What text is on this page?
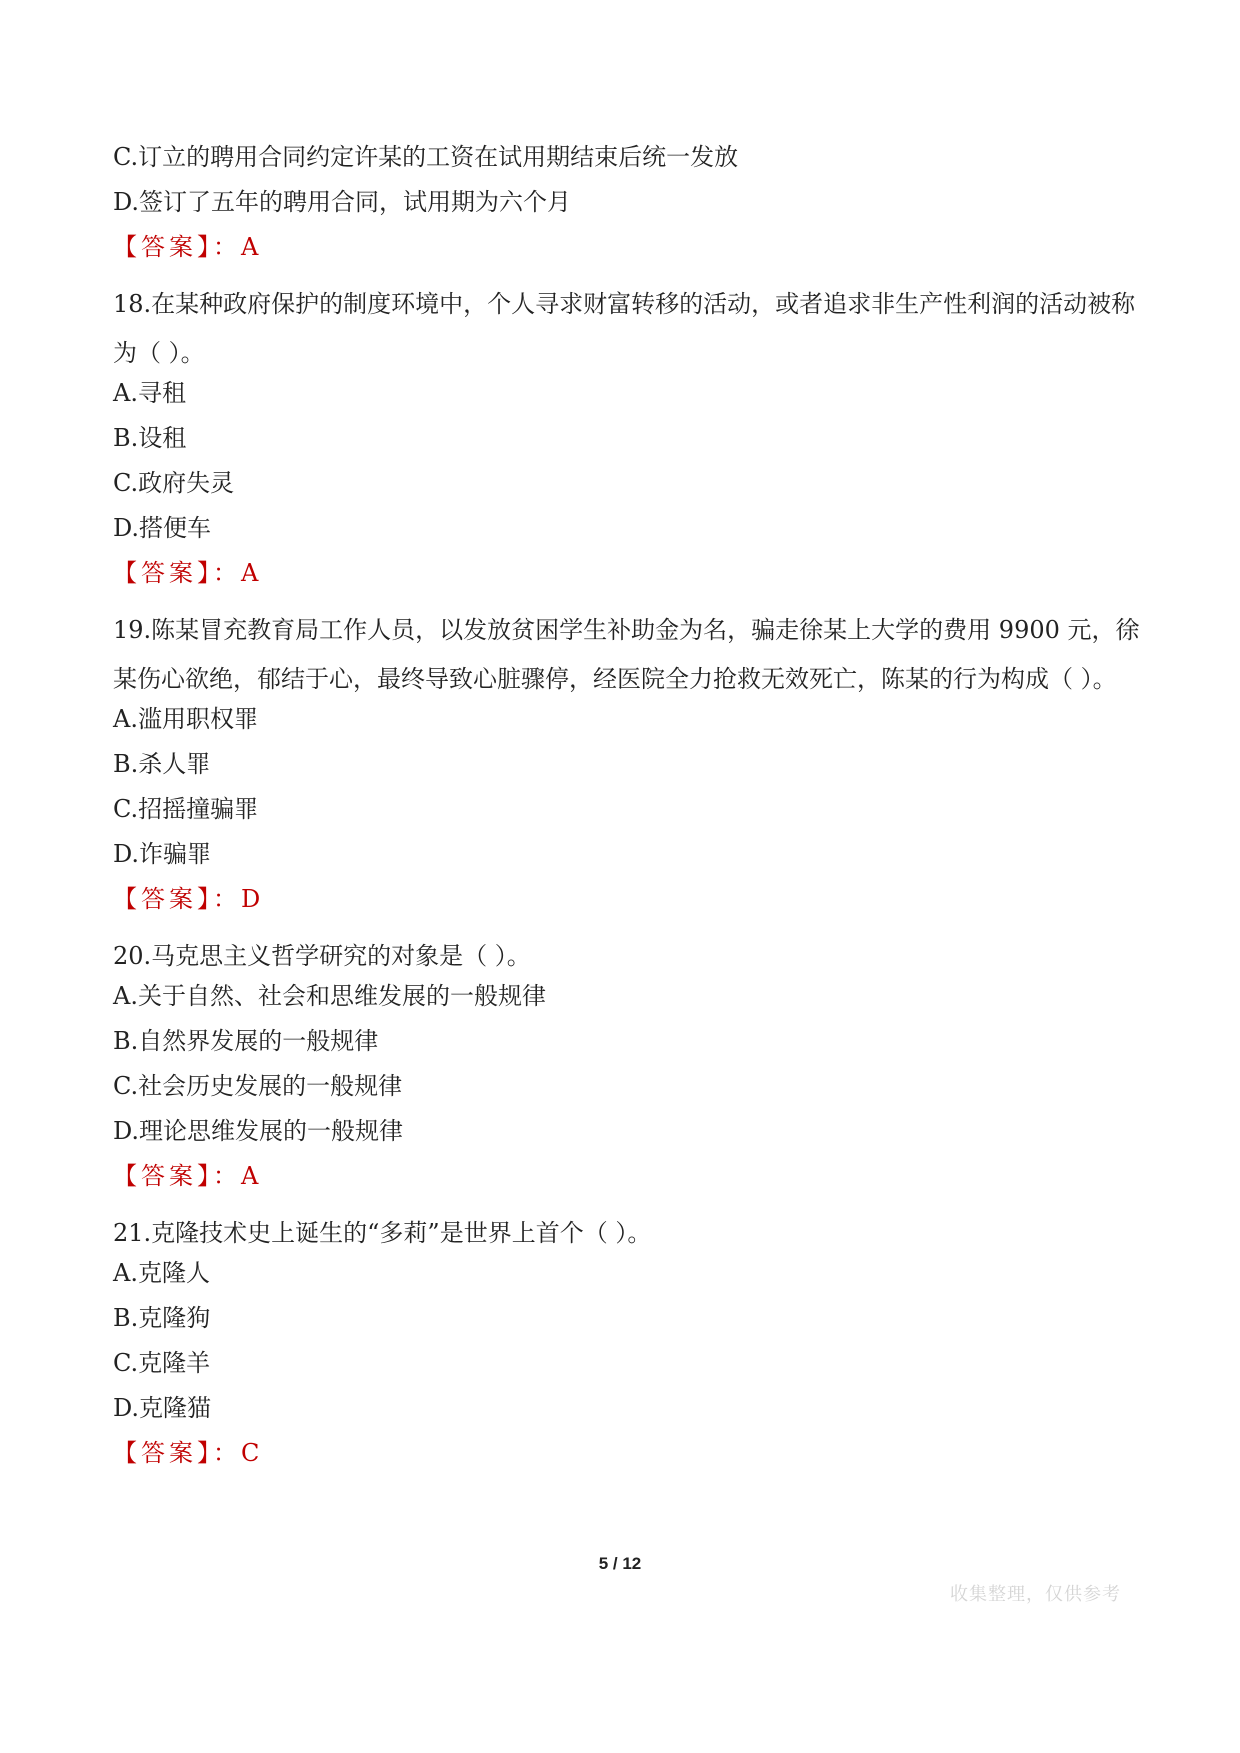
C.订立的聘用合同约定许某的工资在试用期结束后统一发放
D.签订了五年的聘用合同，试用期为六个月
【答案】：A
18.在某种政府保护的制度环境中，个人寻求财富转移的活动，或者追求非生产性利润的活动被称为（ ）。
A.寻租
B.设租
C.政府失灵
D.搭便车
【答案】：A
19.陈某冒充教育局工作人员，以发放贫困学生补助金为名，骗走徐某上大学的费用 9900 元，徐某伤心欲绝，郁结于心，最终导致心脏骤停，经医院全力抢救无效死亡，陈某的行为构成（ ）。
A.滥用职权罪
B.杀人罪
C.招摇撞骗罪
D.诈骗罪
【答案】：D
20.马克思主义哲学研究的对象是（ ）。
A.关于自然、社会和思维发展的一般规律
B.自然界发展的一般规律
C.社会历史发展的一般规律
D.理论思维发展的一般规律
【答案】：A
21.克隆技术史上诞生的“多莉”是世界上首个（ ）。
A.克隆人
B.克隆狗
C.克隆羊
D.克隆猫
【答案】：C
5 / 12
收集整理，仅供参考
